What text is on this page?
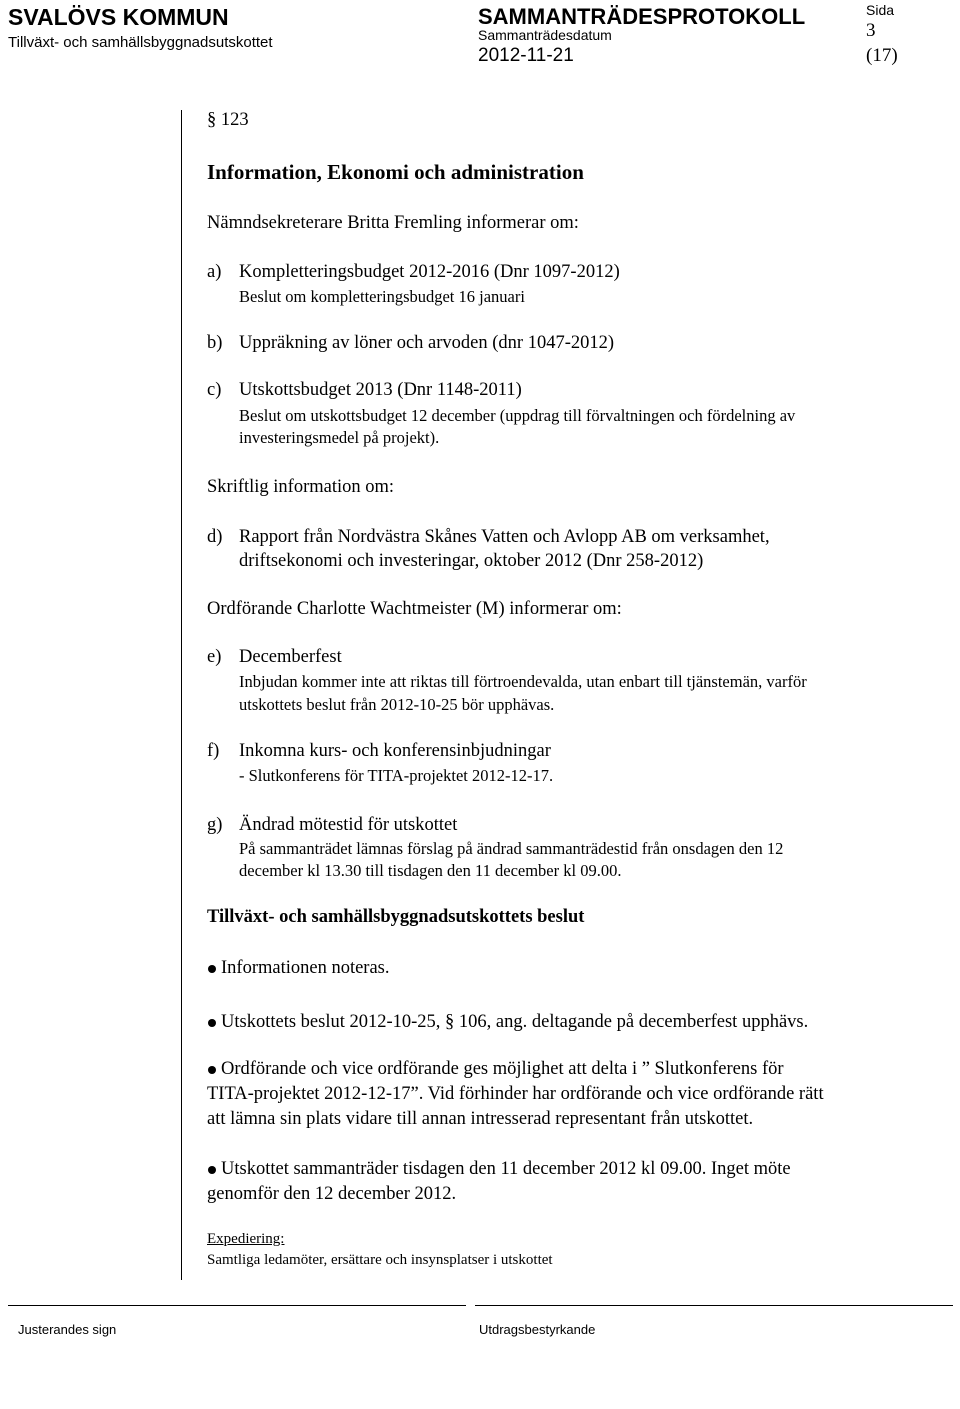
SVALÖVS KOMMUN
Tillväxt- och samhällsbyggnadsutskottet
SAMMANTRÄDESPROTOKOLL
Sammanträdesdatum
2012-11-21
Sida
3
(17)
§ 123
Information, Ekonomi och administration
Nämndsekreterare Britta Fremling informerar om:
a) Kompletteringsbudget 2012-2016 (Dnr 1097-2012)
Beslut om kompletteringsbudget 16 januari
b) Uppräkning av löner och arvoden (dnr 1047-2012)
c) Utskottsbudget 2013 (Dnr 1148-2011)
Beslut om utskottsbudget 12 december (uppdrag till förvaltningen och fördelning av
investeringsmedel på projekt).
Skriftlig information om:
d) Rapport från Nordvästra Skånes Vatten och Avlopp AB om verksamhet,
driftsekonomi och investeringar, oktober 2012 (Dnr 258-2012)
Ordförande Charlotte Wachtmeister (M) informerar om:
e) Decemberfest
Inbjudan kommer inte att riktas till förtroendevalda, utan enbart till tjänstemän, varför
utskottets beslut från 2012-10-25 bör upphävas.
f) Inkomna kurs- och konferensinbjudningar
- Slutkonferens för TITA-projektet 2012-12-17.
g) Ändrad mötestid för utskottet
På sammanträdet lämnas förslag på ändrad sammanträdestid från onsdagen den 12
december kl 13.30 till tisdagen den 11 december kl 09.00.
Tillväxt- och samhällsbyggnadsutskottets beslut
Informationen noteras.
Utskottets beslut 2012-10-25, § 106, ang. deltagande på decemberfest upphävs.
Ordförande och vice ordförande ges möjlighet att delta i ” Slutkonferens för
TITA-projektet 2012-12-17”. Vid förhinder har ordförande och vice ordförande rätt
att lämna sin plats vidare till annan intresserad representant från utskottet.
Utskottet sammanträder tisdagen den 11 december 2012 kl 09.00. Inget möte
genomför den 12 december 2012.
Expediering:
Samtliga ledamöter, ersättare och insynsplatser i utskottet
Justerandes sign	Utdragsbestyrkande
